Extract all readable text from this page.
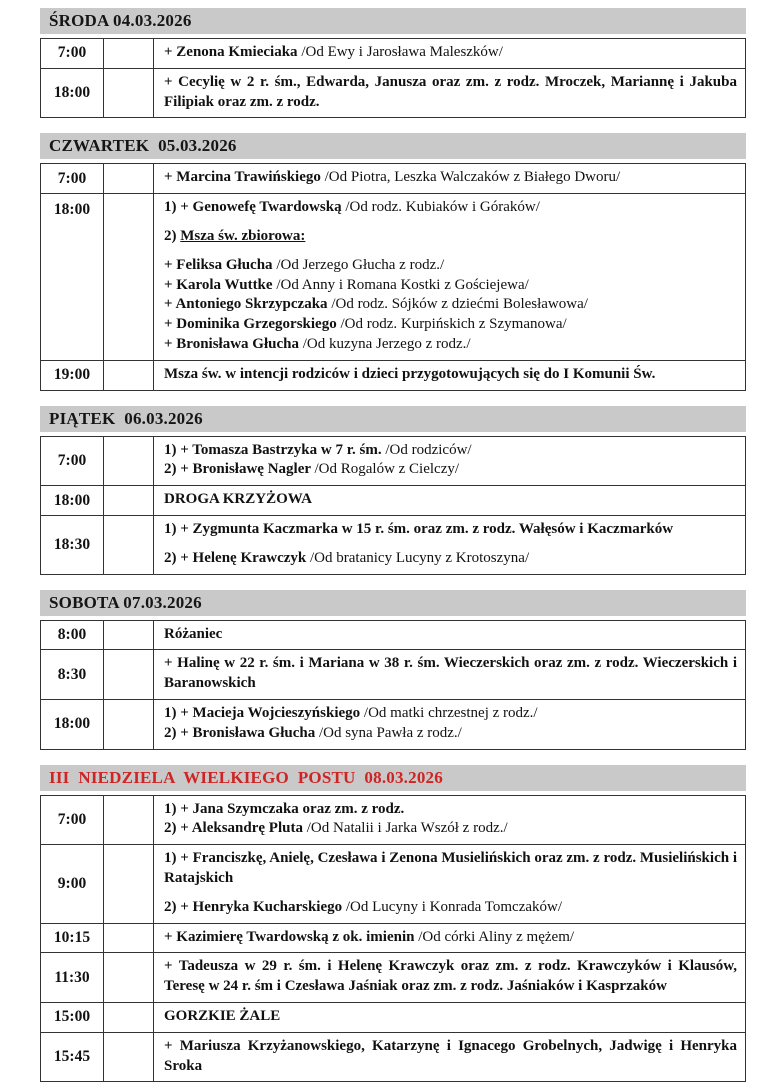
ŚRODA 04.03.2026
7:00		+ Zenona Kmieciaka /Od Ewy i Jarosława Maleszków/

18:00		+ Cecylię w 2 r. śm., Edwarda, Janusza oraz zm. z rodz. Mroczek, Mariannę i Jakuba Filipiak oraz zm. z rodz.
CZWARTEK  05.03.2026
7:00		+ Marcina Trawińskiego /Od Piotra, Leszka Walczaków z Białego Dworu/

18:00		1) + Genowefę Twardowską /Od rodz. Kubiaków i Góraków/
2) Msza św. zbiorowa:
+ Feliksa Głucha /Od Jerzego Głucha z rodz./
+ Karola Wuttke /Od Anny i Romana Kostki z Gościejewa/
+ Antoniego Skrzypczaka /Od rodz. Sójków z dziećmi Bolesławowa/
+ Dominika Grzegorskiego /Od rodz. Kurpińskich z Szymanowa/
+ Bronisława Głucha /Od kuzyna Jerzego z rodz./

19:00		Msza św. w intencji rodziców i dzieci przygotowujących się do I Komunii Św.
PIĄTEK  06.03.2026
7:00		1) + Tomasza Bastrzyka w 7 r. śm. /Od rodziców/
2) + Bronisławę Nagler /Od Rogalów z Cielczy/

18:00		DROGA KRZYŻOWA

18:30		1) + Zygmunta Kaczmarka w 15 r. śm. oraz zm. z rodz. Wałęsów i Kaczmarków
2) + Helenę Krawczyk /Od bratanicy Lucyny z Krotoszyna/
SOBOTA 07.03.2026
8:00		Różaniec

8:30		+ Halinę w 22 r. śm. i Mariana w 38 r. śm. Wieczerskich oraz zm. z rodz. Wieczerskich i Baranowskich

18:00		1) + Macieja Wojcieszyńskiego /Od matki chrzestnej z rodz./
2) + Bronisława Głucha /Od syna Pawła z rodz./
III  NIEDZIELA  WIELKIEGO  POSTU  08.03.2026
7:00		1) + Jana Szymczaka oraz zm. z rodz.
2) + Aleksandrę Pluta /Od Natalii i Jarka Wszół z rodz./

9:00		1) + Franciszkę, Anielę, Czesława i Zenona Musielińskich oraz zm. z rodz. Musielińskich i Ratajskich
2) + Henryka Kucharskiego /Od Lucyny i Konrada Tomczaków/

10:15		+ Kazimierę Twardowską z ok. imienin /Od córki Aliny z mężem/

11:30		+ Tadeusza w 29 r. śm. i Helenę Krawczyk oraz zm. z rodz. Krawczyków i Klausów, Teresę w 24 r. śm i Czesława Jaśniak oraz zm. z rodz. Jaśniaków i Kasprzaków

15:00		GORZKIE ŻALE

15:45		+ Mariusza Krzyżanowskiego, Katarzynę i Ignacego Grobelnych, Jadwigę i Henryka Sroka
